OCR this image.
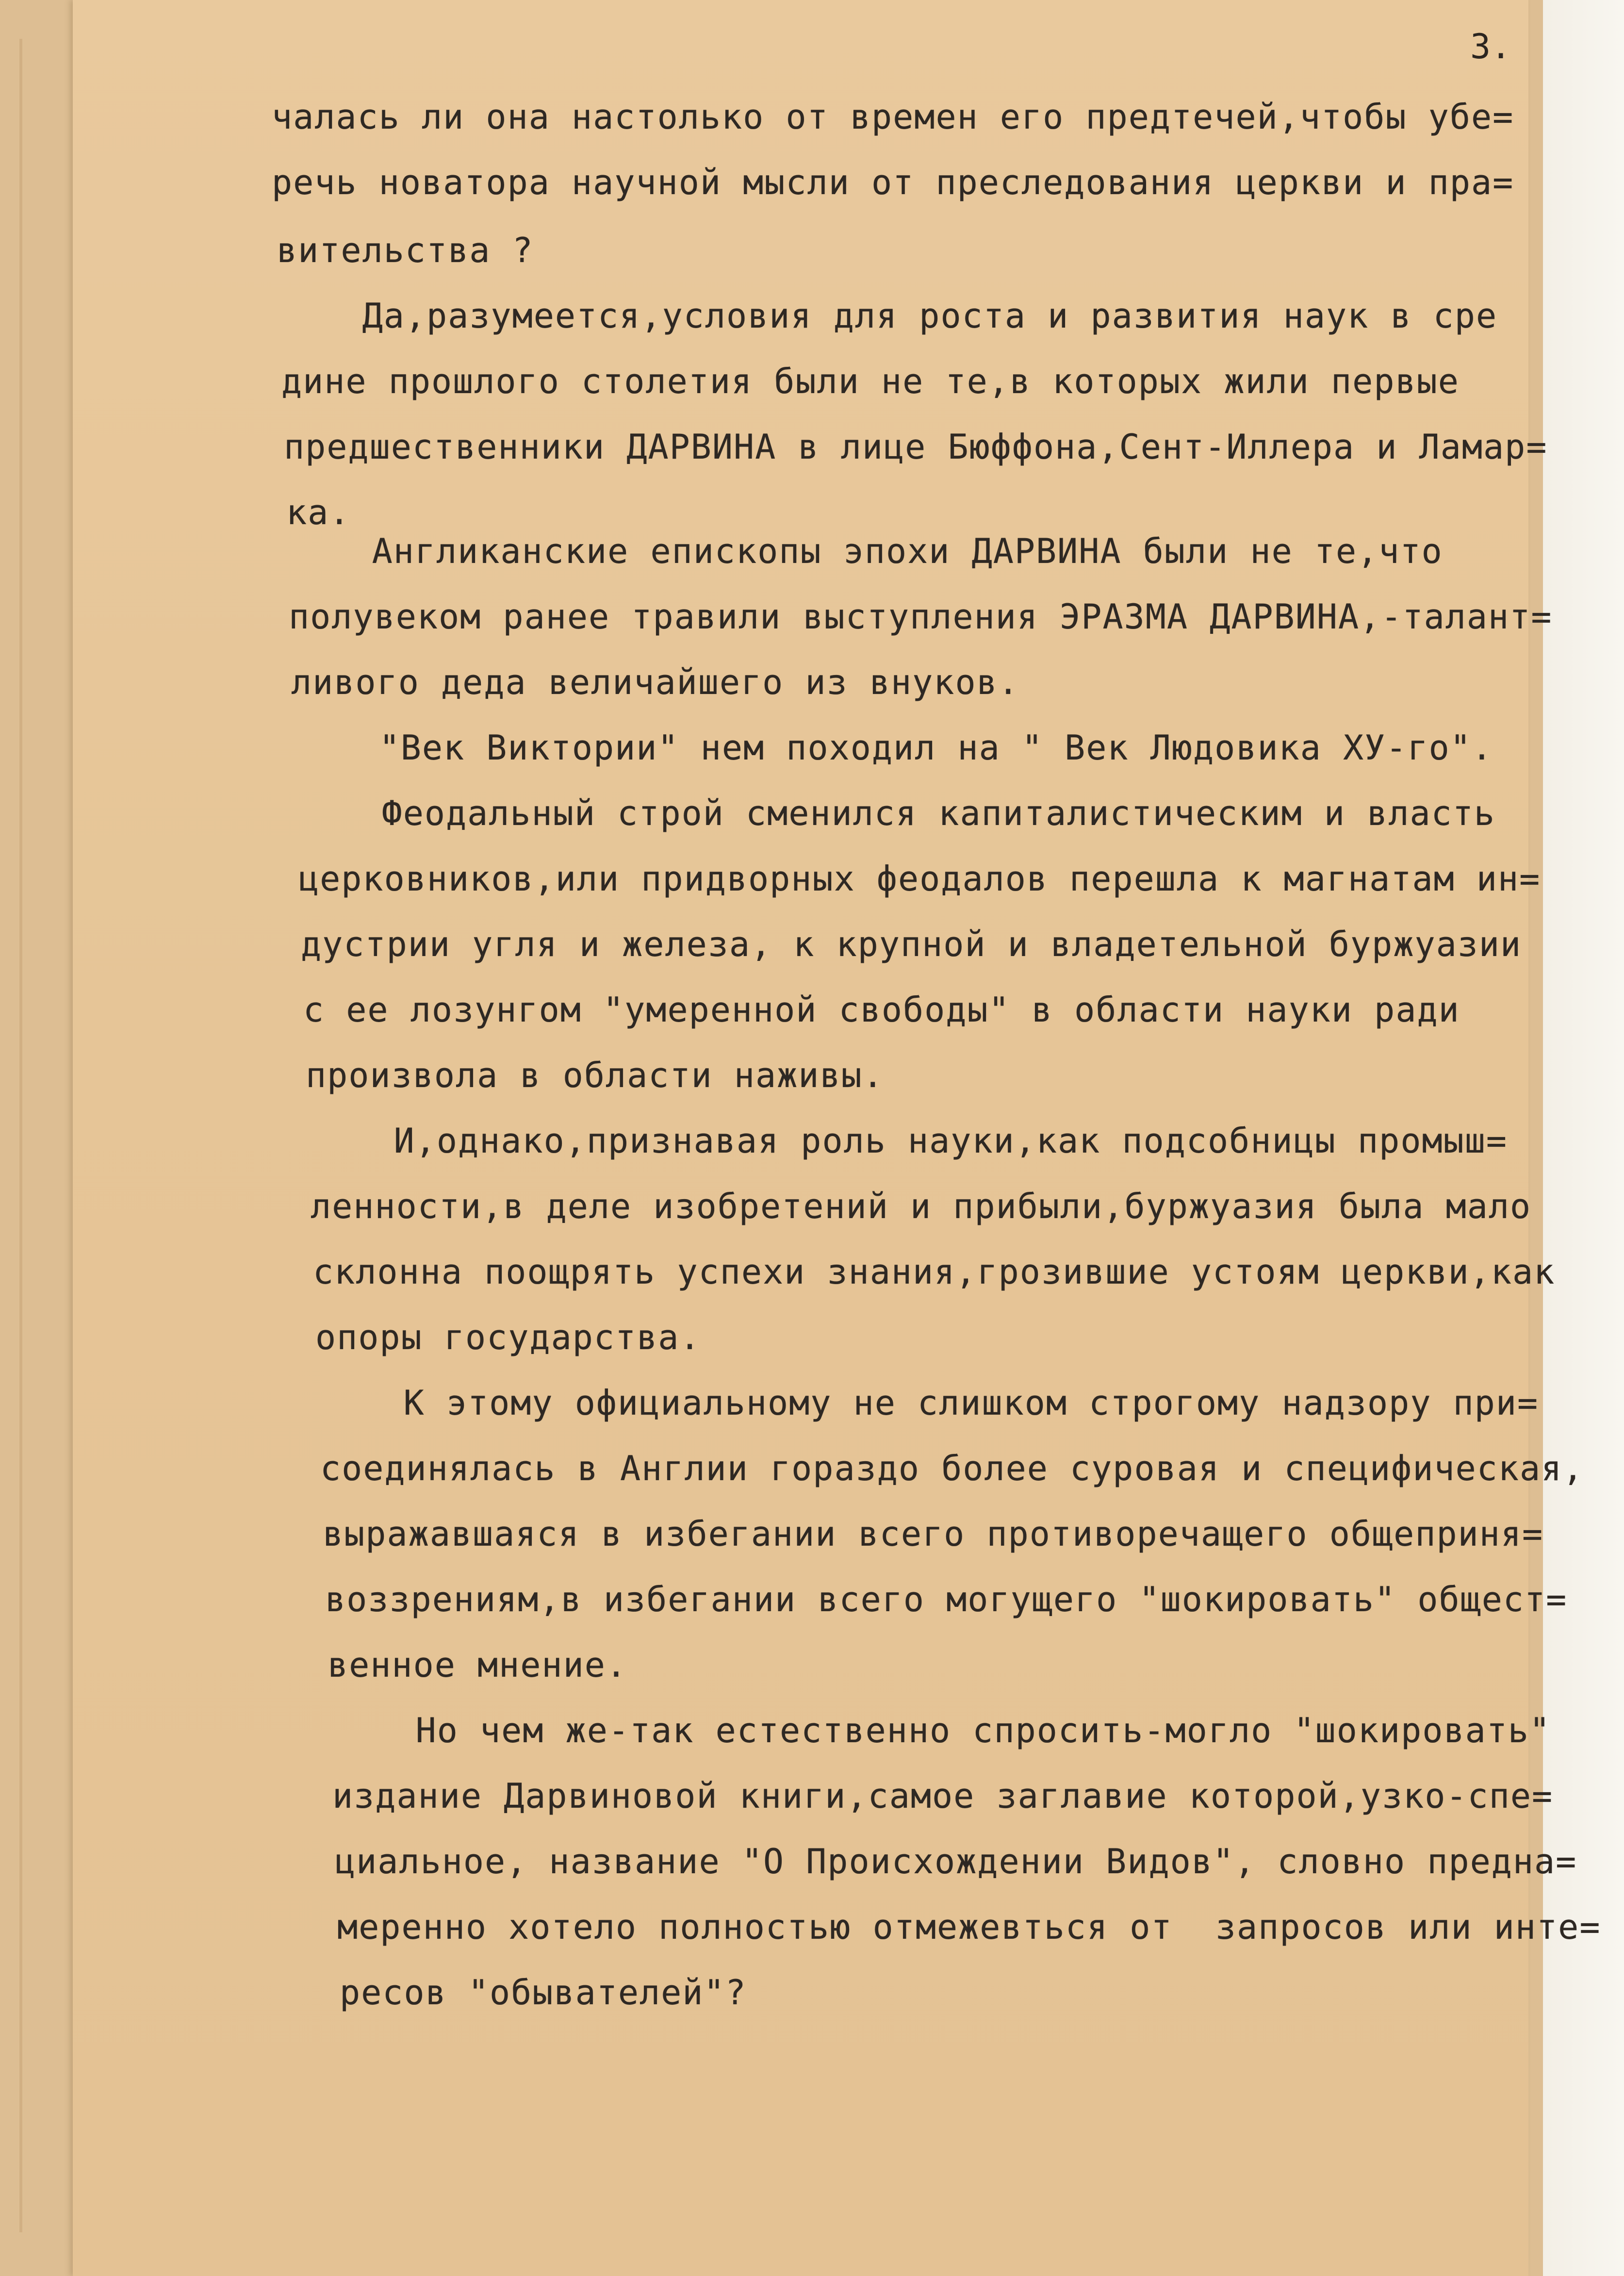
3.
чалась ли она настолько от времен его предтечей,чтобы убе=
речь новатора научной мысли от преследования церкви и пра=
вительства ?
Да,разумеется,условия для роста и развития наук в сре
дине прошлого столетия были не те,в которых жили первые
предшественники ДАРВИНА в лице Бюффона,Сент-Иллера и Ламар=
ка.
Англиканские епископы эпохи ДАРВИНА были не те,что
полувеком ранее травили выступления ЭРАЗМА ДАРВИНА,-талант=
ливого деда величайшего из внуков.
"Век Виктории" нем походил на " Век Людовика ХУ-го".
Феодальный строй сменился капиталистическим и власть
церковников,или придворных феодалов перешла к магнатам ин=
дустрии угля и железа, к крупной и владетельной буржуазии
с ее лозунгом "умеренной свободы" в области науки ради
произвола в области наживы.
И,однако,признавая роль науки,как подсобницы промыш=
ленности,в деле изобретений и прибыли,буржуазия была мало
склонна поощрять успехи знания,грозившие устоям церкви,как
опоры государства.
К этому официальному не слишком строгому надзору при=
соединялась в Англии гораздо более суровая и специфическая,
выражавшаяся в избегании всего противоречащего общеприня=
воззрениям,в избегании всего могущего "шокировать" общест=
венное мнение.
Но чем же-так естественно спросить-могло "шокировать"
издание Дарвиновой книги,самое заглавие которой,узко-спе=
циальное, название "О Происхождении Видов", словно предна=
меренно хотело полностью отмежевться от  запросов или инте=
ресов "обывателей"?
